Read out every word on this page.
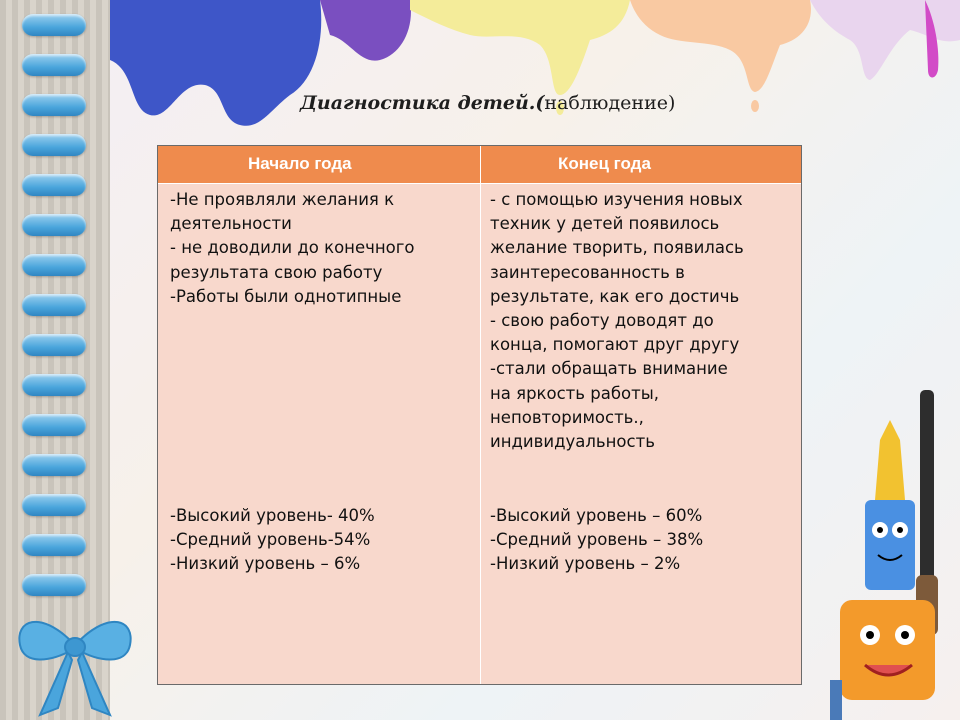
Диагностика детей.(наблюдение)
Начало года	Конец года
-Не проявляли желания к
деятельности
- не доводили до конечного
результата свою работу
-Работы были однотипные
-Высокий уровень- 40%
-Средний уровень-54%
-Низкий уровень – 6%
- с помощью изучения новых
техник у детей появилось
желание творить, появилась
заинтересованность в
результате, как его достичь
- свою работу доводят до
конца, помогают друг другу
-стали обращать внимание
на яркость работы,
неповторимость.,
индивидуальность
-Высокий уровень – 60%
-Средний уровень – 38%
-Низкий уровень – 2%
